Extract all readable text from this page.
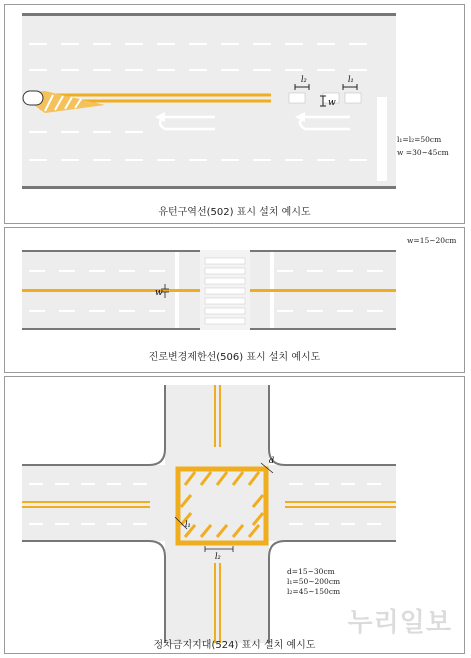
l₂	l₁
w
l₁=l₂=50cm
w =30~45cm
유턴구역선(502) 표시 설치 예시도
w
w=15~20cm
진로변경제한선(506) 표시 설치 예시도
d
l₁
l₂
d=15~30cm
l₁=50~200cm
l₂=45~150cm
누리일보
정차금지지대(524) 표시 설치 예시도
